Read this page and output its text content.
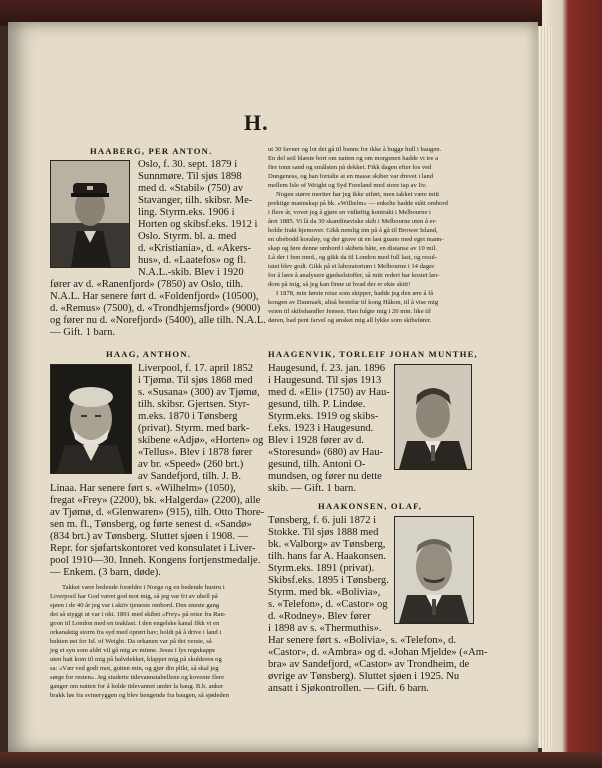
H.
HAABERG, PER ANTON.
Oslo, f. 30. sept. 1879 i
Sunnmøre. Til sjøs 1898
med d. «Stabil» (750) av
Stavanger, tilh. skibsr. Me-
ling. Styrm.eks. 1906 i
Horten og skibsf.eks. 1912 i
Oslo. Styrm. bl. a. med
d. «Kristiania», d. «Akers-
hus», d. «Laatefos» og fl.
N.A.L.-skib. Blev i 1920
fører av d. «Ranenfjord» (7850) av Oslo, tilh.
N.A.L. Har senere ført d. «Foldenfjord» (10500),
d. «Remus» (7500), d. «Trondhjemsfjord» (9000)
og fører nu d. «Norefjord» (5400), alle tilh. N.A.L.
— Gift. 1 barn.
HAAG, ANTHON.
Liverpool, f. 17. april 1852
i Tjømø. Til sjøs 1868 med
s. «Susana» (300) av Tjømø,
tilh. skibsr. Gjertsen. Styr-
m.eks. 1870 i Tønsberg
(privat). Styrm. med bark-
skibene «Adjø», «Horten» og
«Tellus». Blev i 1878 fører
av br. «Speed» (260 brt.)
av Sandefjord, tilh. J. B.
Linaa. Har senere ført s. «Wilhelm» (1050),
fregat «Frey» (2200), bk. «Halgerda» (2200), alle
av Tjømø, d. «Glenwaren» (915), tilh. Otto Thore-
sen m. fl., Tønsberg, og førte senest d. «Sandø»
(834 brt.) av Tønsberg. Sluttet sjøen i 1908. —
Repr. for sjøfartskontoret ved konsulatet i Liver-
pool 1910—30. Inneh. Kongens fortjenstmedalje.
— Enkem. (3 barn, døde).
Takket være bedende forældre i Norge og en bedende hustru i
Liverpool har God været god mot mig, så jeg var fri av uhell på
sjøen i de 40 år jeg var i aktiv tjeneste ombord. Den eneste gang
det så styggt ut var i okt. 1891 med skibet «Frey» på reise fra Ran-
goon til London med en teaklast. I den engelske kanal fikk vi en
orkanaktig storm fra syd med oprørt hav; holdt på å drive i land i
bukten øst for Isl. of Weight. Da orkanen var på det verste, så
jeg et syn som aldri vil gå mig av minne. Jesus i lys regnkappe
uten hatt kom til mig på halvdekket, klappet mig på skulderen og
sa: «Vær ved godt mot, gutten min, og gjør din plikt, så skal jeg
sørge for resten». Jeg studerte tidevannstabellene og kovente flere
ganger om natten for å holde tidevannet under la baug. B.b. anker
brakk løs fra svineryggen og blev hengende fra baugen, så sjødeden
ut 30 favner og lot det gå til bunns for ikke å hugge hull i baugen.
En del seil blæste bort om natten og om morgenen hadde vi tre a
fire tonn sand og smålsten på dekket. Fikk dagen efter los ved
Dungeness, og han fortalte at en masse skiber var drevet i land
mellem Isle of Weight og Syd Foreland med store tap av liv.
Nogen større meriter har jeg ikke utført, men takket være mitt
prektige mannskap på bk. «Wilhelm» — enkelte hadde stått ombord
i flere år, vovet jeg å gjøre en vidløftig kontrakt i Melbourne i
året 1885. Vi lå da 30 skandinaviske skib i Melbourne uten å er-
holde frakt hjemover. Gikk nemlig inn på å gå til Brower Island,
en ubebodd koraløy, og der grave ut en last guano med eget mann-
skap og føre denne ombord i skibets båte, en distanse av 10 mil.
Lå der i fem mnd., og gikk da til London med full last, og resul-
tatet blev godt. Gikk på et laboratorium i Melbourne i 14 dager
for å lære å analysere gjødselstoffer, så mitt rederi har kostet lær-
dom på mig, så jeg kan finne ut hvad der er ekte skitt!
I 1878, min første reise som skipper, hadde jeg den ære å få
kongen av Danmark, altså bestefar til kong Håkon, til å vise mig
veien til skibshandler Jensen. Han fulgte mig i 20 min. like til
døren, bad pent farvel og ønsket mig all lykke som skibsfører.
HAAGENVIK, TORLEIF JOHAN MUNTHE,
Haugesund, f. 23. jan. 1896
i Haugesund. Til sjøs 1913
med d. «Eli» (1750) av Hau-
gesund, tilh. P. Lindøe.
Styrm.eks. 1919 og skibs-
f.eks. 1923 i Haugesund.
Blev i 1928 fører av d.
«Storesund» (680) av Hau-
gesund, tilh. Antoni O-
mundsen, og fører nu dette
skib. — Gift. 1 barn.
HAAKONSEN, OLAF,
Tønsberg, f. 6. juli 1872 i
Stokke. Til sjøs 1888 med
bk. «Valborg» av Tønsberg,
tilh. hans far A. Haakonsen.
Styrm.eks. 1891 (privat).
Skibsf.eks. 1895 i Tønsberg.
Styrm. med bk. «Bolivia»,
s. «Telefon», d. «Castor» og
d. «Rodney». Blev fører
i 1898 av s. «Thermuthis».
Har senere ført s. «Bolivia», s. «Telefon», d.
«Castor», d. «Ambra» og d. «Johan Mjelde» («Am-
bra» av Sandefjord, «Castor» av Trondheim, de
øvrige av Tønsberg). Sluttet sjøen i 1925. Nu
ansatt i Sjøkontrollen. — Gift. 6 barn.
